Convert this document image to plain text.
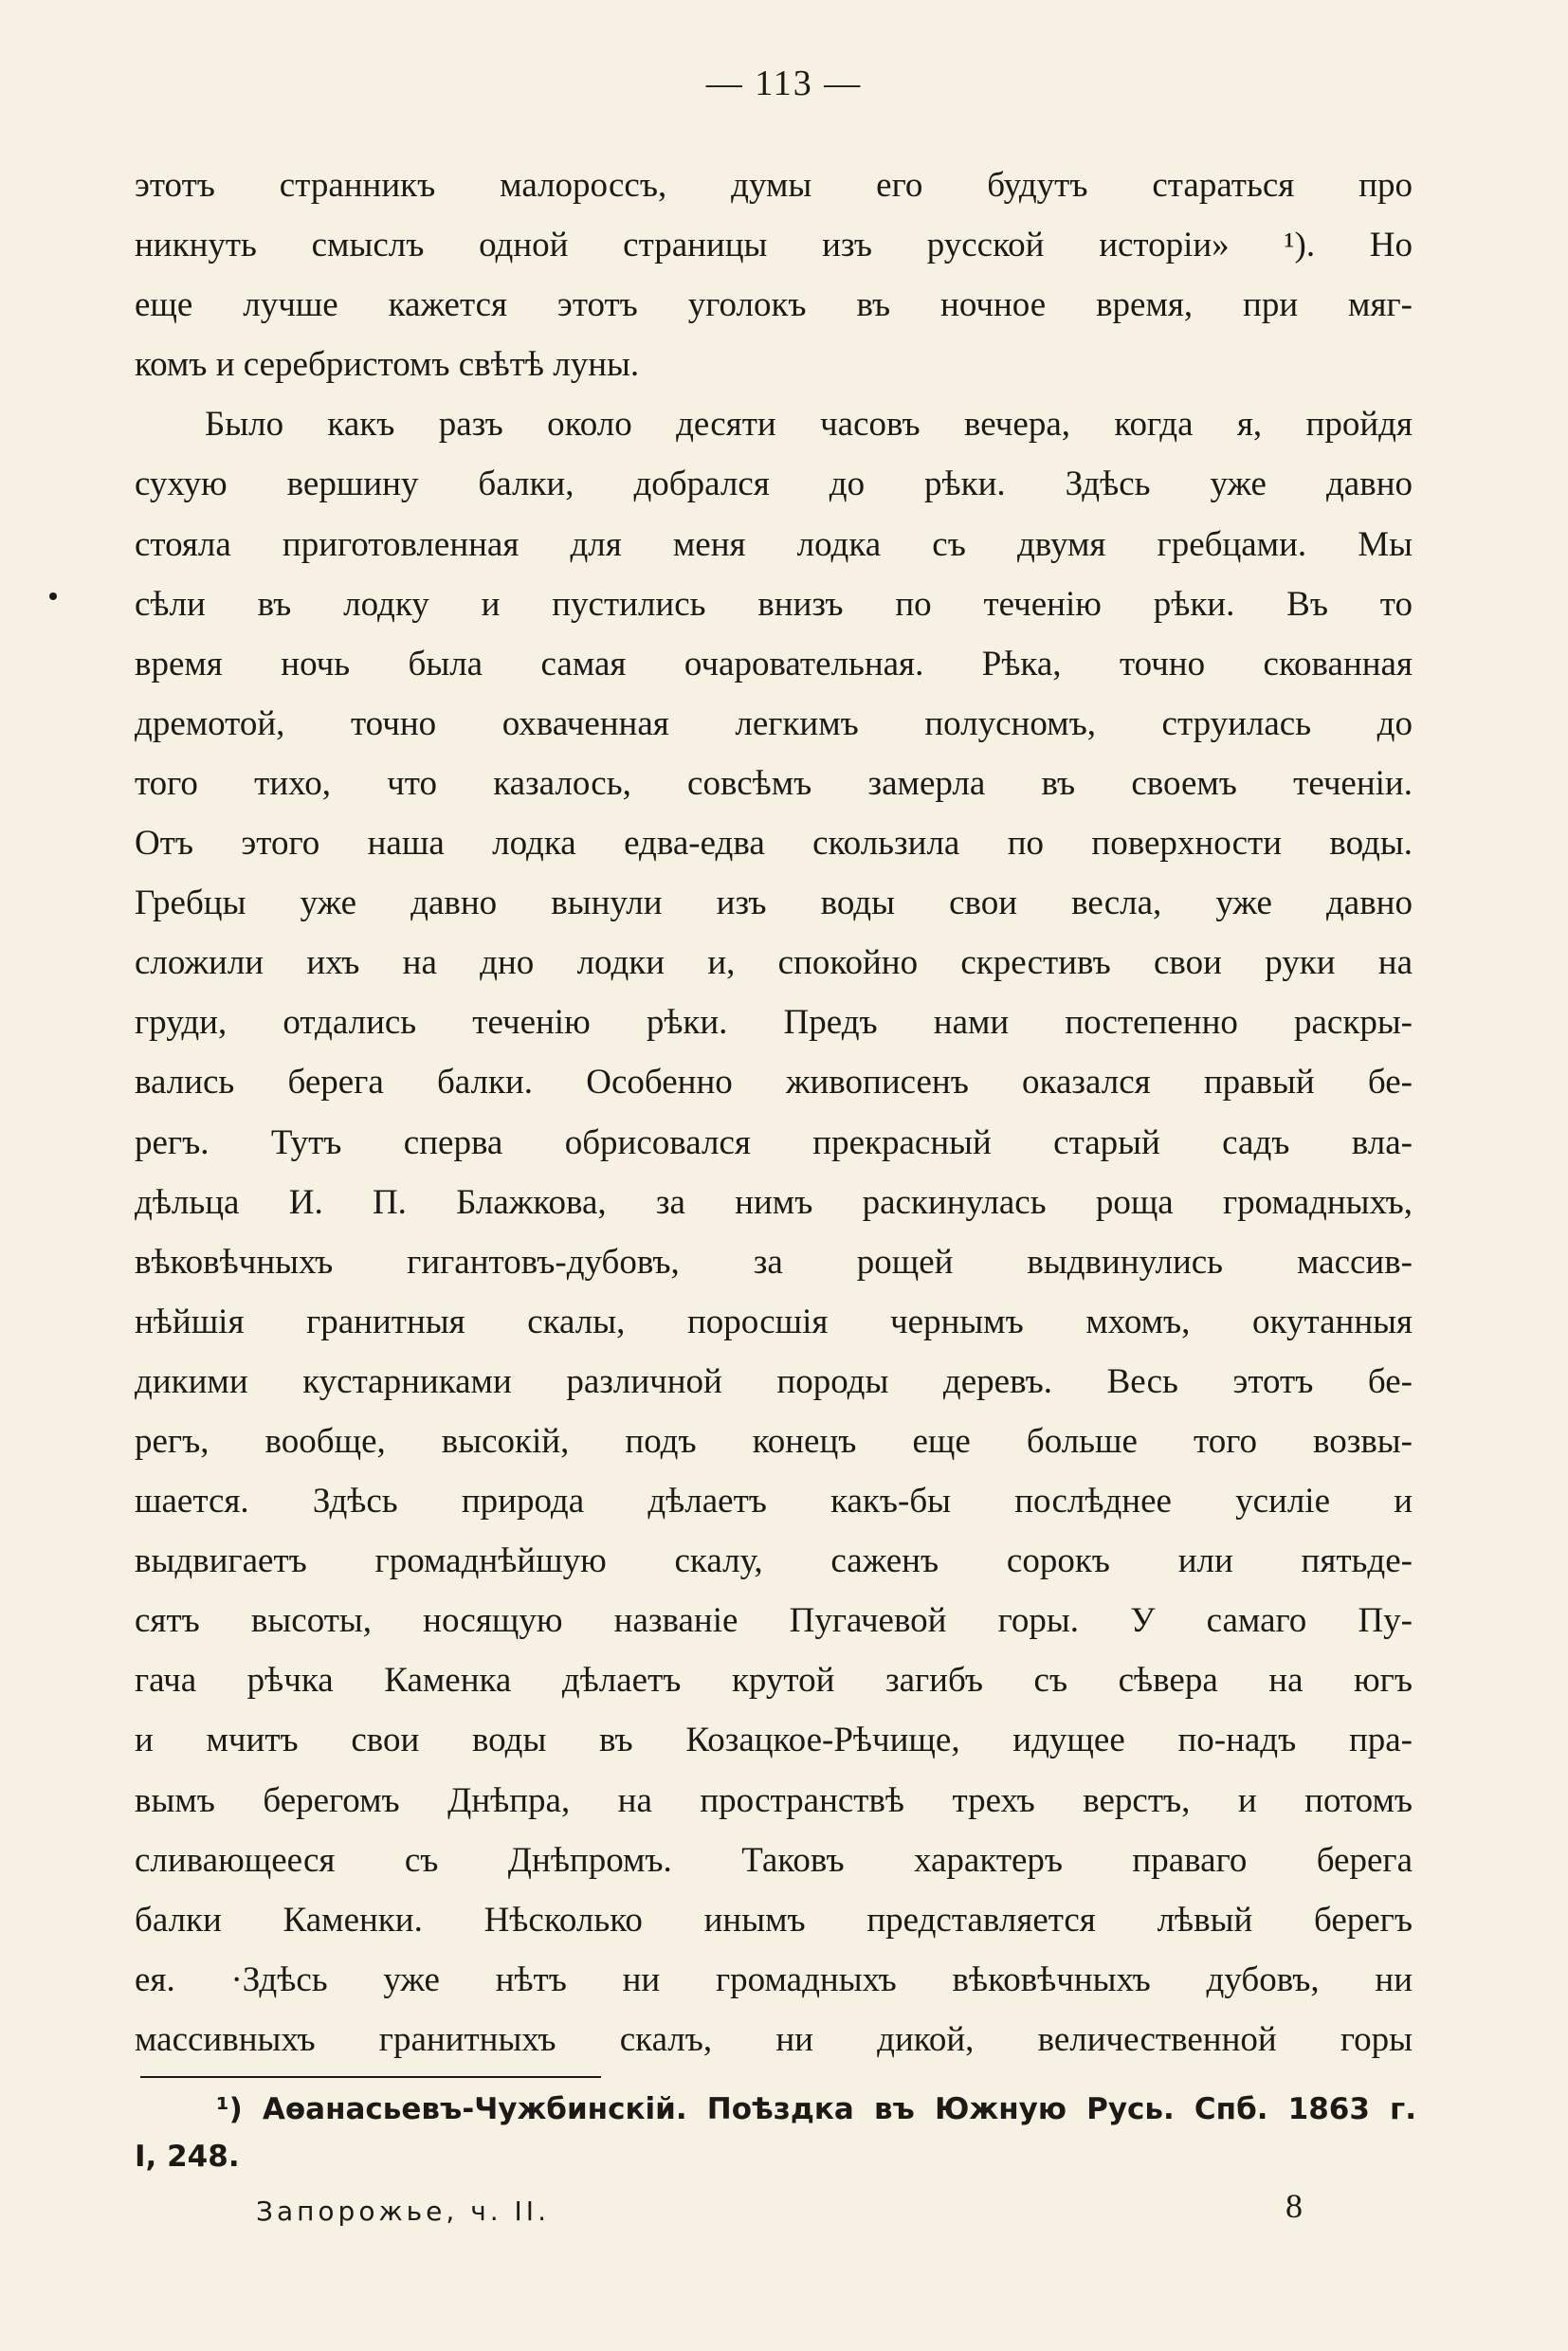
— 113 —
этотъ странникъ малороссъ, думы его будутъ стараться про
никнуть смыслъ одной страницы изъ русской исторіи» ¹). Но
еще лучше кажется этотъ уголокъ въ ночное время, при мяг-
комъ и серебристомъ свѣтѣ луны.
Было какъ разъ около десяти часовъ вечера, когда я, пройдя
сухую вершину балки, добрался до рѣки. Здѣсь уже давно
стояла приготовленная для меня лодка съ двумя гребцами. Мы
сѣли въ лодку и пустились внизъ по теченію рѣки. Въ то
время ночь была самая очаровательная. Рѣка, точно скованная
дремотой, точно охваченная легкимъ полусномъ, струилась до
того тихо, что казалось, совсѣмъ замерла въ своемъ теченіи.
Отъ этого наша лодка едва-едва скользила по поверхности воды.
Гребцы уже давно вынули изъ воды свои весла, уже давно
сложили ихъ на дно лодки и, спокойно скрестивъ свои руки на
груди, отдались теченію рѣки. Предъ нами постепенно раскры-
вались берега балки. Особенно живописенъ оказался правый бе-
регъ. Тутъ сперва обрисовался прекрасный старый садъ вла-
дѣльца И. П. Блажкова, за нимъ раскинулась роща громадныхъ,
вѣковѣчныхъ гигантовъ-дубовъ, за рощей выдвинулись массив-
нѣйшія гранитныя скалы, поросшія чернымъ мхомъ, окутанныя
дикими кустарниками различной породы деревъ. Весь этотъ бе-
регъ, вообще, высокій, подъ конецъ еще больше того возвы-
шается. Здѣсь природа дѣлаетъ какъ-бы послѣднее усиліе и
выдвигаетъ громаднѣйшую скалу, саженъ сорокъ или пятьде-
сятъ высоты, носящую названіе Пугачевой горы. У самаго Пу-
гача рѣчка Каменка дѣлаетъ крутой загибъ съ сѣвера на югъ
и мчитъ свои воды въ Козацкое-Рѣчище, идущее по-надъ пра-
вымъ берегомъ Днѣпра, на пространствѣ трехъ верстъ, и потомъ
сливающееся съ Днѣпромъ. Таковъ характеръ праваго берега
балки Каменки. Нѣсколько инымъ представляется лѣвый берегъ
ея. ·Здѣсь уже нѣтъ ни громадныхъ вѣковѣчныхъ дубовъ, ни
массивныхъ гранитныхъ скалъ, ни дикой, величественной горы
¹) Аѳанасьевъ-Чужбинскій. Поѣздка въ Южную Русь. Спб. 1863 г.
I, 248.
Запорожье, ч. II.	8
